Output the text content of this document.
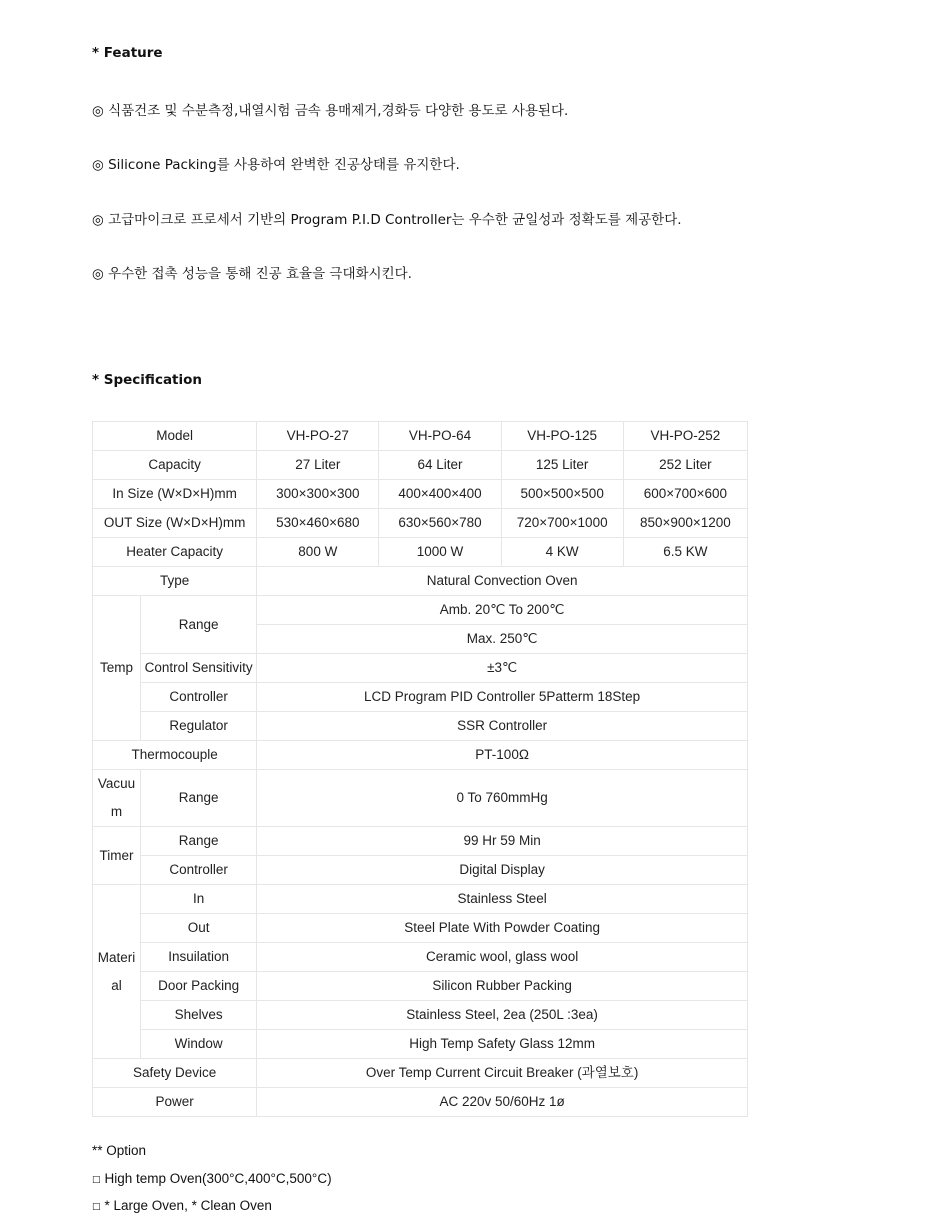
* Feature
◎ 식품건조 및 수분측정,내열시험 금속 용매제거,경화등 다양한 용도로 사용된다.
◎ Silicone Packing를 사용하여 완벽한 진공상태를 유지한다.
◎ 고급마이크로 프로세서 기반의 Program P.I.D Controller는 우수한 균일성과 정확도를 제공한다.
◎ 우수한 접촉 성능을 통해 진공 효율을 극대화시킨다.
* Specification
Model		VH-PO-27	VH-PO-64	VH-PO-125	VH-PO-252
Capacity		27 Liter	64 Liter	125 Liter	252 Liter
In Size (W×D×H)mm		300×300×300	400×400×400	500×500×500	600×700×600
OUT Size (W×D×H)mm		530×460×680	630×560×780	720×700×1000	850×900×1200
Heater Capacity		800 W	1000 W	4 KW	6.5 KW
Type		Natural Convection Oven			
Temp	Range	Amb. 20℃ To 200℃			
		Max. 250℃			
	Control Sensitivity	±3℃			
	Controller	LCD Program PID Controller 5Patterm 18Step			
	Regulator	SSR Controller			
Thermocouple		PT-100Ω			
Vacuum	Range	0 To 760mmHg			
Timer	Range	99 Hr 59 Min			
	Controller	Digital Display			
Material	In	Stainless Steel			
	Out	Steel Plate With Powder Coating			
	Insuilation	Ceramic wool, glass wool			
	Door Packing	Silicon Rubber Packing			
	Shelves	Stainless Steel, 2ea (250L :3ea)			
	Window	High Temp Safety Glass 12mm			
Safety Device		Over Temp Current Circuit Breaker (과열보호)			
Power		AC 220v 50/60Hz 1ø			
** Option
□ High temp Oven(300°C,400°C,500°C)
□ * Large Oven, * Clean Oven
